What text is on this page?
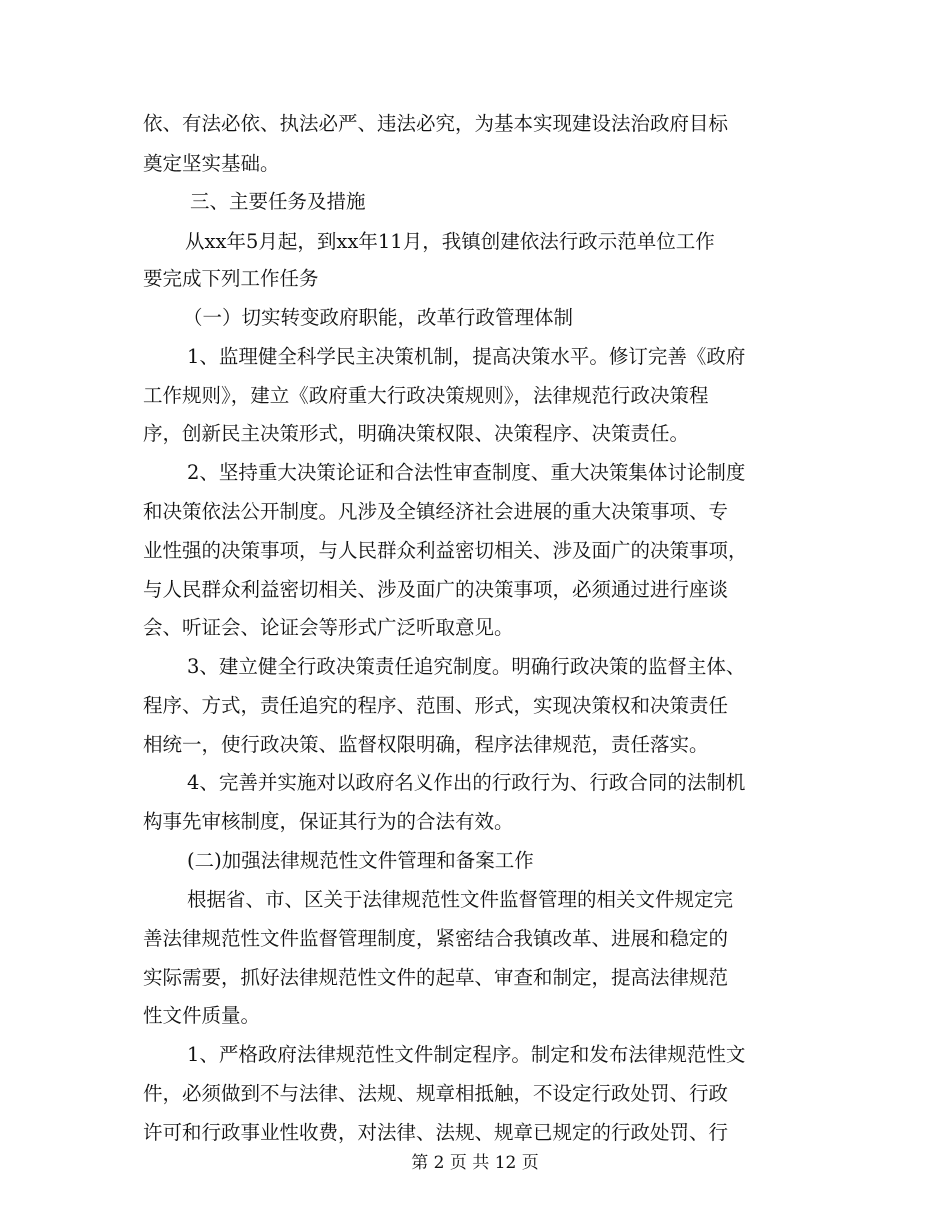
依、有法必依、执法必严、违法必究，为基本实现建设法治政府目标
奠定坚实基础。
三、主要任务及措施
从xx年5月起，到xx年11月，我镇创建依法行政示范单位工作
要完成下列工作任务
（一）切实转变政府职能，改革行政管理体制
1、监理健全科学民主决策机制，提高决策水平。修订完善《政府
工作规则》，建立《政府重大行政决策规则》，法律规范行政决策程
序，创新民主决策形式，明确决策权限、决策程序、决策责任。
2、坚持重大决策论证和合法性审查制度、重大决策集体讨论制度
和决策依法公开制度。凡涉及全镇经济社会进展的重大决策事项、专
业性强的决策事项，与人民群众利益密切相关、涉及面广的决策事项，
与人民群众利益密切相关、涉及面广的决策事项，必须通过进行座谈
会、听证会、论证会等形式广泛听取意见。
3、建立健全行政决策责任追究制度。明确行政决策的监督主体、
程序、方式，责任追究的程序、范围、形式，实现决策权和决策责任
相统一，使行政决策、监督权限明确，程序法律规范，责任落实。
4、完善并实施对以政府名义作出的行政行为、行政合同的法制机
构事先审核制度，保证其行为的合法有效。
(二)加强法律规范性文件管理和备案工作
根据省、市、区关于法律规范性文件监督管理的相关文件规定完
善法律规范性文件监督管理制度，紧密结合我镇改革、进展和稳定的
实际需要，抓好法律规范性文件的起草、审查和制定，提高法律规范
性文件质量。
1、严格政府法律规范性文件制定程序。制定和发布法律规范性文
件，必须做到不与法律、法规、规章相抵触，不设定行政处罚、行政
许可和行政事业性收费，对法律、法规、规章已规定的行政处罚、行
第 2 页 共 12 页
